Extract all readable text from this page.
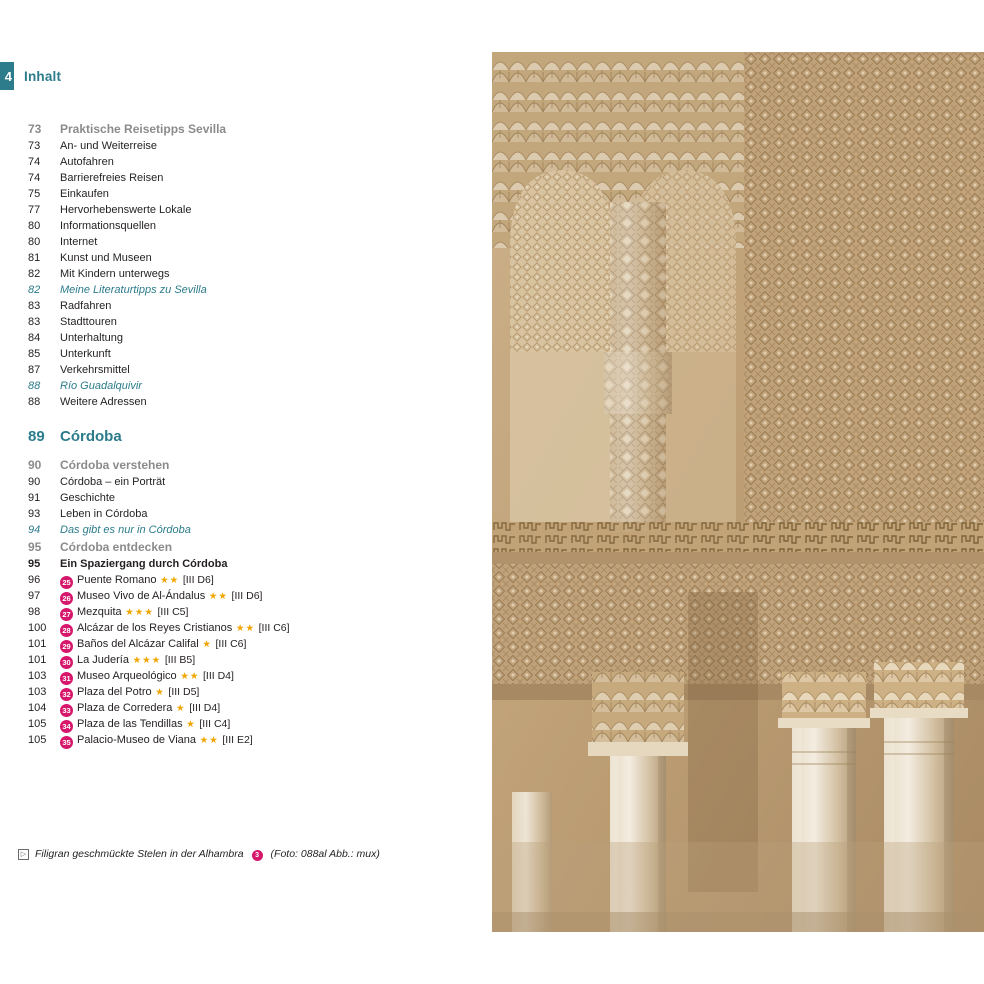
4 Inhalt
73	Praktische Reisetipps Sevilla
73	An- und Weiterreise
74	Autofahren
74	Barrierefreies Reisen
75	Einkaufen
77	Hervorhebenswerte Lokale
80	Informationsquellen
80	Internet
81	Kunst und Museen
82	Mit Kindern unterwegs
82	Meine Literaturtipps zu Sevilla
83	Radfahren
83	Stadttouren
84	Unterhaltung
85	Unterkunft
87	Verkehrsmittel
88	Río Guadalquivir
88	Weitere Adressen
89	Córdoba
90	Córdoba verstehen
90	Córdoba – ein Porträt
91	Geschichte
93	Leben in Córdoba
94	Das gibt es nur in Córdoba
95	Córdoba entdecken
95	Ein Spaziergang durch Córdoba
96	25 Puente Romano ★★ [III D6]
97	26 Museo Vivo de Al-Ándalus ★★ [III D6]
98	27 Mezquita ★★★ [III C5]
100	28 Alcázar de los Reyes Cristianos ★★ [III C6]
101	29 Baños del Alcázar Califal ★ [III C6]
101	30 La Judería ★★★ [III B5]
103	31 Museo Arqueológico ★★ [III D4]
103	32 Plaza del Potro ★ [III D5]
104	33 Plaza de Corredera ★ [III D4]
105	34 Plaza de las Tendillas ★ [III C4]
105	35 Palacio-Museo de Viana ★★ [III E2]
▷ Filigran geschmückte Stelen in der Alhambra	3	(Foto: 088al Abb.: mux)
